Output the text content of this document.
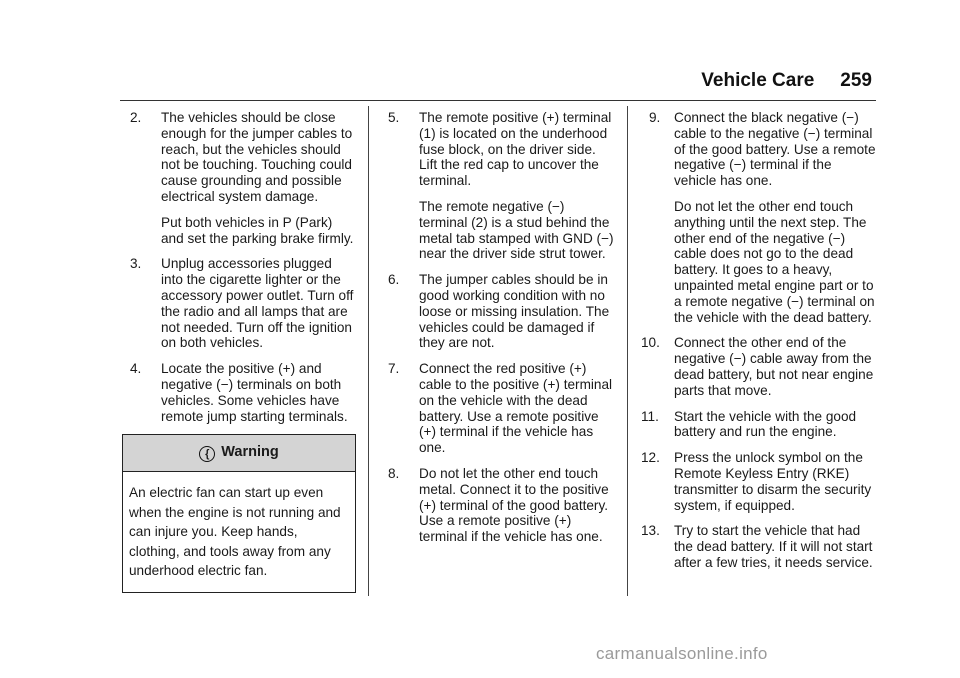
Vehicle Care 259
2. The vehicles should be close enough for the jumper cables to reach, but the vehicles should not be touching. Touching could cause grounding and possible electrical system damage.
Put both vehicles in P (Park) and set the parking brake firmly.
3. Unplug accessories plugged into the cigarette lighter or the accessory power outlet. Turn off the radio and all lamps that are not needed. Turn off the ignition on both vehicles.
4. Locate the positive (+) and negative (−) terminals on both vehicles. Some vehicles have remote jump starting terminals.
{ Warning
An electric fan can start up even when the engine is not running and can injure you. Keep hands, clothing, and tools away from any underhood electric fan.
5. The remote positive (+) terminal (1) is located on the underhood fuse block, on the driver side. Lift the red cap to uncover the terminal.
The remote negative (−) terminal (2) is a stud behind the metal tab stamped with GND (−) near the driver side strut tower.
6. The jumper cables should be in good working condition with no loose or missing insulation. The vehicles could be damaged if they are not.
7. Connect the red positive (+) cable to the positive (+) terminal on the vehicle with the dead battery. Use a remote positive (+) terminal if the vehicle has one.
8. Do not let the other end touch metal. Connect it to the positive (+) terminal of the good battery. Use a remote positive (+) terminal if the vehicle has one.
9. Connect the black negative (−) cable to the negative (−) terminal of the good battery. Use a remote negative (−) terminal if the vehicle has one.
Do not let the other end touch anything until the next step. The other end of the negative (−) cable does not go to the dead battery. It goes to a heavy, unpainted metal engine part or to a remote negative (−) terminal on the vehicle with the dead battery.
10. Connect the other end of the negative (−) cable away from the dead battery, but not near engine parts that move.
11. Start the vehicle with the good battery and run the engine.
12. Press the unlock symbol on the Remote Keyless Entry (RKE) transmitter to disarm the security system, if equipped.
13. Try to start the vehicle that had the dead battery. If it will not start after a few tries, it needs service.
carmanualsonline.info
